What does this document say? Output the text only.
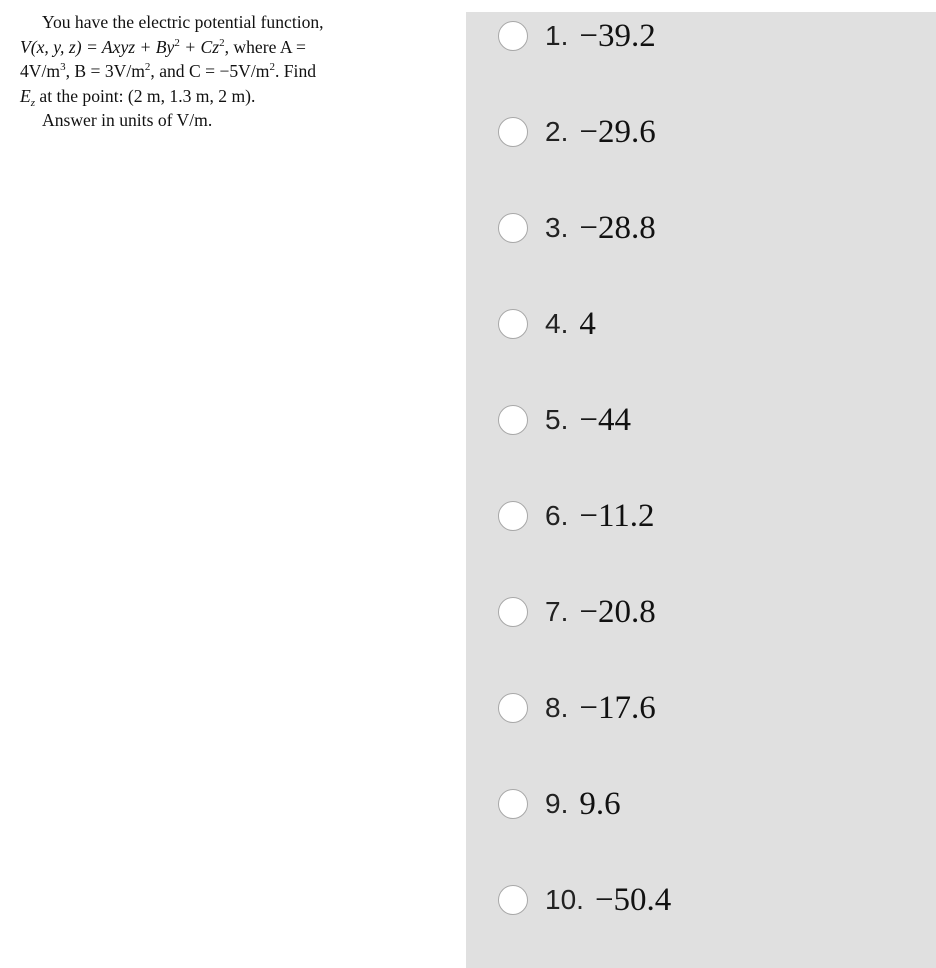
You have the electric potential function,
V(x, y, z) = Axyz + $By^2 + Cz^2$, where A =
$4V/m^3$, $B = 3V/m^2$, and $C = -5V/m^2$. Find
$E_z$ at the point: (2 m, 1.3 m, 2 m).
Answer in units of V/m.
1. −39.2
2. −29.6
3. −28.8
4. 4
5. −44
6. −11.2
7. −20.8
8. −17.6
9. 9.6
10. −50.4
